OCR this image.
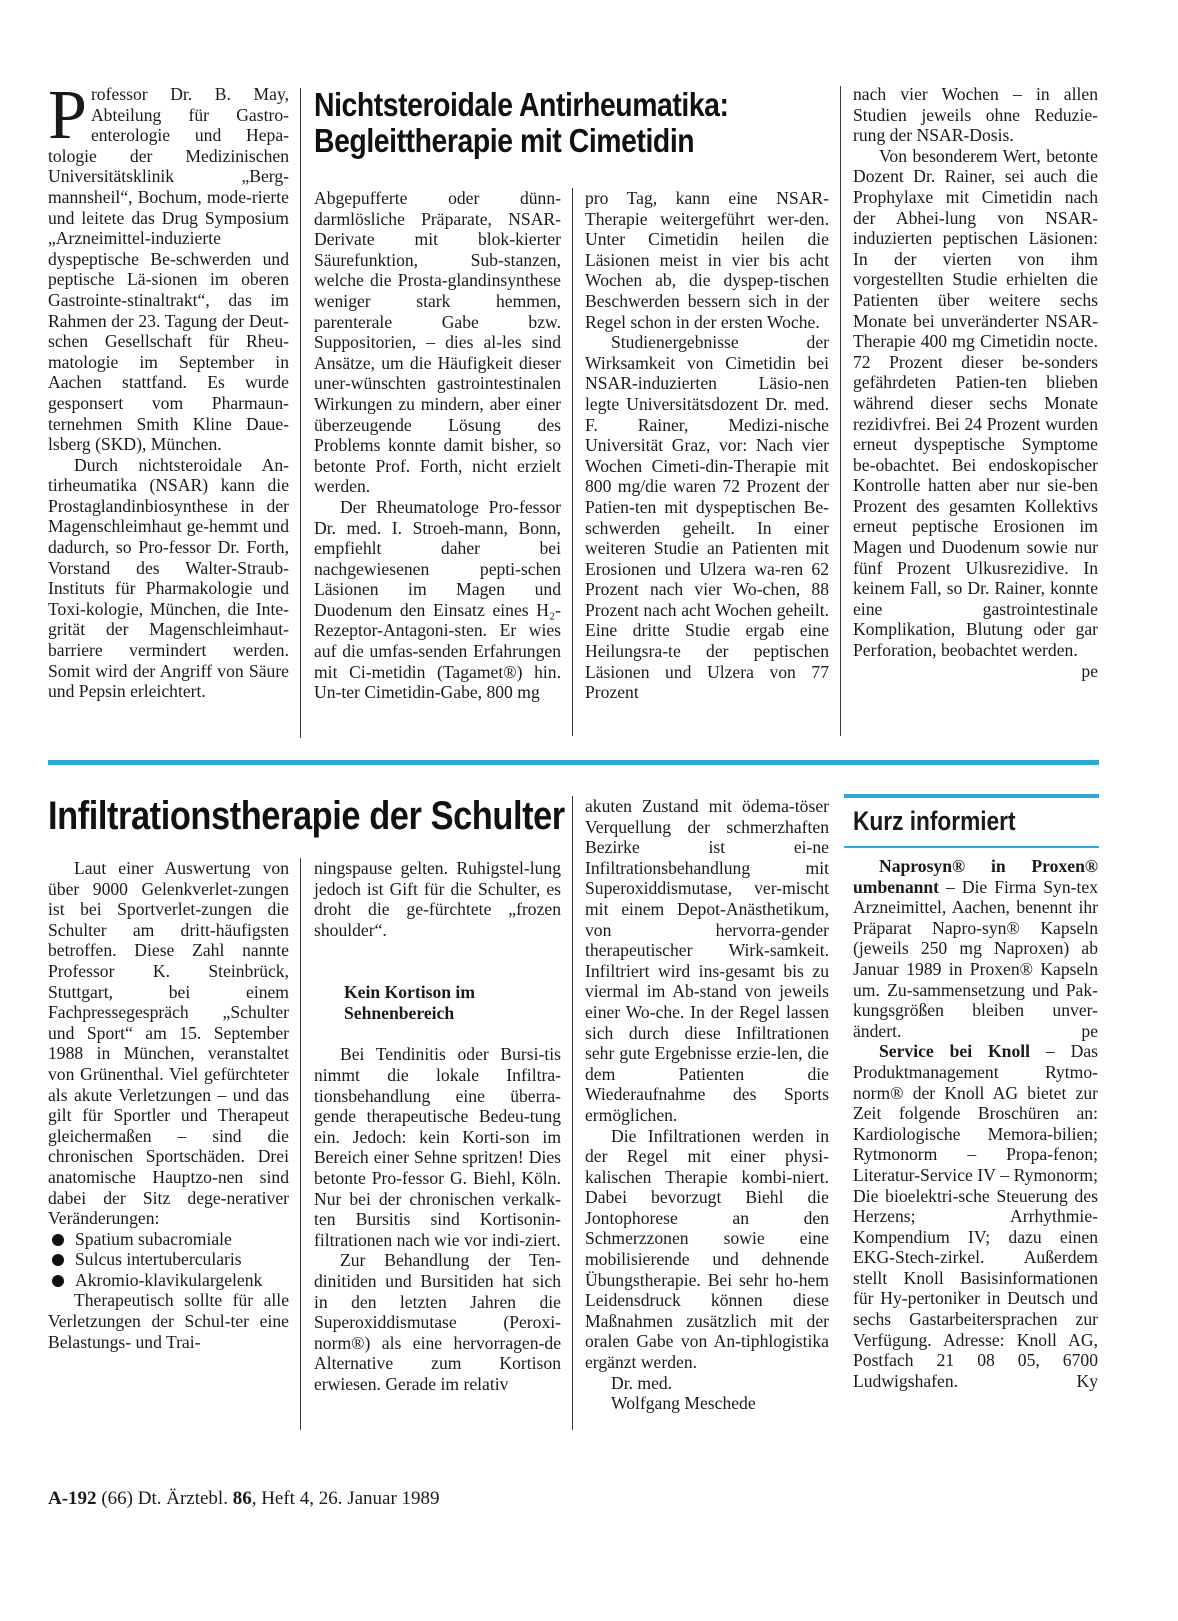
Professor Dr. B. May, Abteilung für Gastro-enterologie und Hepa-tologie der Medizinischen Universitätsklinik „Berg-mannsheil“, Bochum, mode-rierte und leitete das Drug Symposium „Arzneimittel-induzierte dyspeptische Be-schwerden und peptische Lä-sionen im oberen Gastrointe-stinaltrakt“, das im Rahmen der 23. Tagung der Deut-schen Gesellschaft für Rheu-matologie im September in Aachen stattfand. Es wurde gesponsert vom Pharmaun-ternehmen Smith Kline Daue-lsberg (SKD), München.

Durch nichtsteroidale An-tirheumatika (NSAR) kann die Prostaglandinbiosynthese in der Magenschleimhaut ge-hemmt und dadurch, so Pro-fessor Dr. Forth, Vorstand des Walter-Straub-Instituts für Pharmakologie und Toxi-kologie, München, die Inte-grität der Magenschleimhaut-barriere vermindert werden. Somit wird der Angriff von Säure und Pepsin erleichtert.

Nichtsteroidale Antirheumatika:
Begleittherapie mit Cimetidin

Abgepufferte oder dünn-darmlösliche Präparate, NSAR-Derivate mit blok-kierter Säurefunktion, Sub-stanzen, welche die Prosta-glandinsynthese weniger stark hemmen, parenterale Gabe bzw. Suppositorien, – dies al-les sind Ansätze, um die Häufigkeit dieser uner-wünschten gastrointestinalen Wirkungen zu mindern, aber einer überzeugende Lösung des Problems konnte damit bisher, so betonte Prof. Forth, nicht erzielt werden.

Der Rheumatologe Pro-fessor Dr. med. I. Stroeh-mann, Bonn, empfiehlt daher bei nachgewiesenen pepti-schen Läsionen im Magen und Duodenum den Einsatz eines H₂-Rezeptor-Antagoni-sten. Er wies auf die umfas-senden Erfahrungen mit Ci-metidin (Tagamet®) hin. Un-ter Cimetidin-Gabe, 800 mg

pro Tag, kann eine NSAR-Therapie weitergeführt wer-den. Unter Cimetidin heilen die Läsionen meist in vier bis acht Wochen ab, die dyspep-tischen Beschwerden bessern sich in der Regel schon in der ersten Woche.

Studienergebnisse der Wirksamkeit von Cimetidin bei NSAR-induzierten Läsio-nen legte Universitätsdozent Dr. med. F. Rainer, Medizi-nische Universität Graz, vor: Nach vier Wochen Cimeti-din-Therapie mit 800 mg/die waren 72 Prozent der Patien-ten mit dyspeptischen Be-schwerden geheilt. In einer weiteren Studie an Patienten mit Erosionen und Ulzera wa-ren 62 Prozent nach vier Wo-chen, 88 Prozent nach acht Wochen geheilt. Eine dritte Studie ergab eine Heilungsra-te der peptischen Läsionen und Ulzera von 77 Prozent

nach vier Wochen – in allen Studien jeweils ohne Reduzie-rung der NSAR-Dosis.

Von besonderem Wert, betonte Dozent Dr. Rainer, sei auch die Prophylaxe mit Cimetidin nach der Abhei-lung von NSAR-induzierten peptischen Läsionen: In der vierten von ihm vorgestellten Studie erhielten die Patienten über weitere sechs Monate bei unveränderter NSAR-Therapie 400 mg Cimetidin nocte. 72 Prozent dieser be-sonders gefährdeten Patien-ten blieben während dieser sechs Monate rezidivfrei. Bei 24 Prozent wurden erneut dyspeptische Symptome be-obachtet. Bei endoskopischer Kontrolle hatten aber nur sie-ben Prozent des gesamten Kollektivs erneut peptische Erosionen im Magen und Duodenum sowie nur fünf Prozent Ulkusrezidive. In keinem Fall, so Dr. Rainer, konnte eine gastrointestinale Komplikation, Blutung oder gar Perforation, beobachtet werden.
pe

Infiltrationstherapie der Schulter

Laut einer Auswertung von über 9000 Gelenkverlet-zungen ist bei Sportverlet-zungen die Schulter am dritt-häufigsten betroffen. Diese Zahl nannte Professor K. Steinbrück, Stuttgart, bei einem Fachpressegespräch „Schulter und Sport“ am 15. September 1988 in München, veranstaltet von Grünenthal. Viel gefürchteter als akute Verletzungen – und das gilt für Sportler und Therapeut gleichermaßen – sind die chronischen Sportschäden. Drei anatomische Hauptzo-nen sind dabei der Sitz dege-nerativer Veränderungen:

Spatium subacromiale
Sulcus intertubercularis
Akromio-klavikulargelenk

Therapeutisch sollte für alle Verletzungen der Schul-ter eine Belastungs- und Trai-

ningspause gelten. Ruhigstel-lung jedoch ist Gift für die Schulter, es droht die ge-fürchtete „frozen shoulder“.

Kein Kortison im Sehnenbereich

Bei Tendinitis oder Bursi-tis nimmt die lokale Infiltra-tionsbehandlung eine überra-gende therapeutische Bedeu-tung ein. Jedoch: kein Korti-son im Bereich einer Sehne spritzen! Dies betonte Pro-fessor G. Biehl, Köln. Nur bei der chronischen verkalk-ten Bursitis sind Kortisonin-filtrationen nach wie vor indi-ziert.

Zur Behandlung der Ten-dinitiden und Bursitiden hat sich in den letzten Jahren die Superoxiddismutase (Peroxi-norm®) als eine hervorragen-de Alternative zum Kortison erwiesen. Gerade im relativ

akuten Zustand mit ödema-töser Verquellung der schmerzhaften Bezirke ist ei-ne Infiltrationsbehandlung mit Superoxiddismutase, ver-mischt mit einem Depot-Anästhetikum, von hervorra-gender therapeutischer Wirk-samkeit. Infiltriert wird ins-gesamt bis zu viermal im Ab-stand von jeweils einer Wo-che. In der Regel lassen sich durch diese Infiltrationen sehr gute Ergebnisse erzie-len, die dem Patienten die Wiederaufnahme des Sports ermöglichen.

Die Infiltrationen werden in der Regel mit einer physi-kalischen Therapie kombi-niert. Dabei bevorzugt Biehl die Jontophorese an den Schmerzzonen sowie eine mobilisierende und dehnende Übungstherapie. Bei sehr ho-hem Leidensdruck können diese Maßnahmen zusätzlich mit der oralen Gabe von An-tiphlogistika ergänzt werden.

Dr. med.

Wolfgang Meschede

Kurz informiert

Naprosyn® in Proxen® umbenannt – Die Firma Syn-tex Arzneimittel, Aachen, benennt ihr Präparat Napro-syn® Kapseln (jeweils 250 mg Naproxen) ab Januar 1989 in Proxen® Kapseln um. Zu-sammensetzung und Pak-kungsgrößen bleiben unver-ändert.	pe

Service bei Knoll – Das Produktmanagement Rytmo-norm® der Knoll AG bietet zur Zeit folgende Broschüren an: Kardiologische Memora-bilien; Rytmonorm – Propa-fenon; Literatur-Service IV – Rymonorm; Die bioelektri-sche Steuerung des Herzens; Arrhythmie-Kompendium IV; dazu einen EKG-Stech-zirkel. Außerdem stellt Knoll Basisinformationen für Hy-pertoniker in Deutsch und sechs Gastarbeitersprachen zur Verfügung. Adresse: Knoll AG, Postfach 21 08 05, 6700 Ludwigshafen.	Ky

A-192 (66) Dt. Ärztebl. 86, Heft 4, 26. Januar 1989
